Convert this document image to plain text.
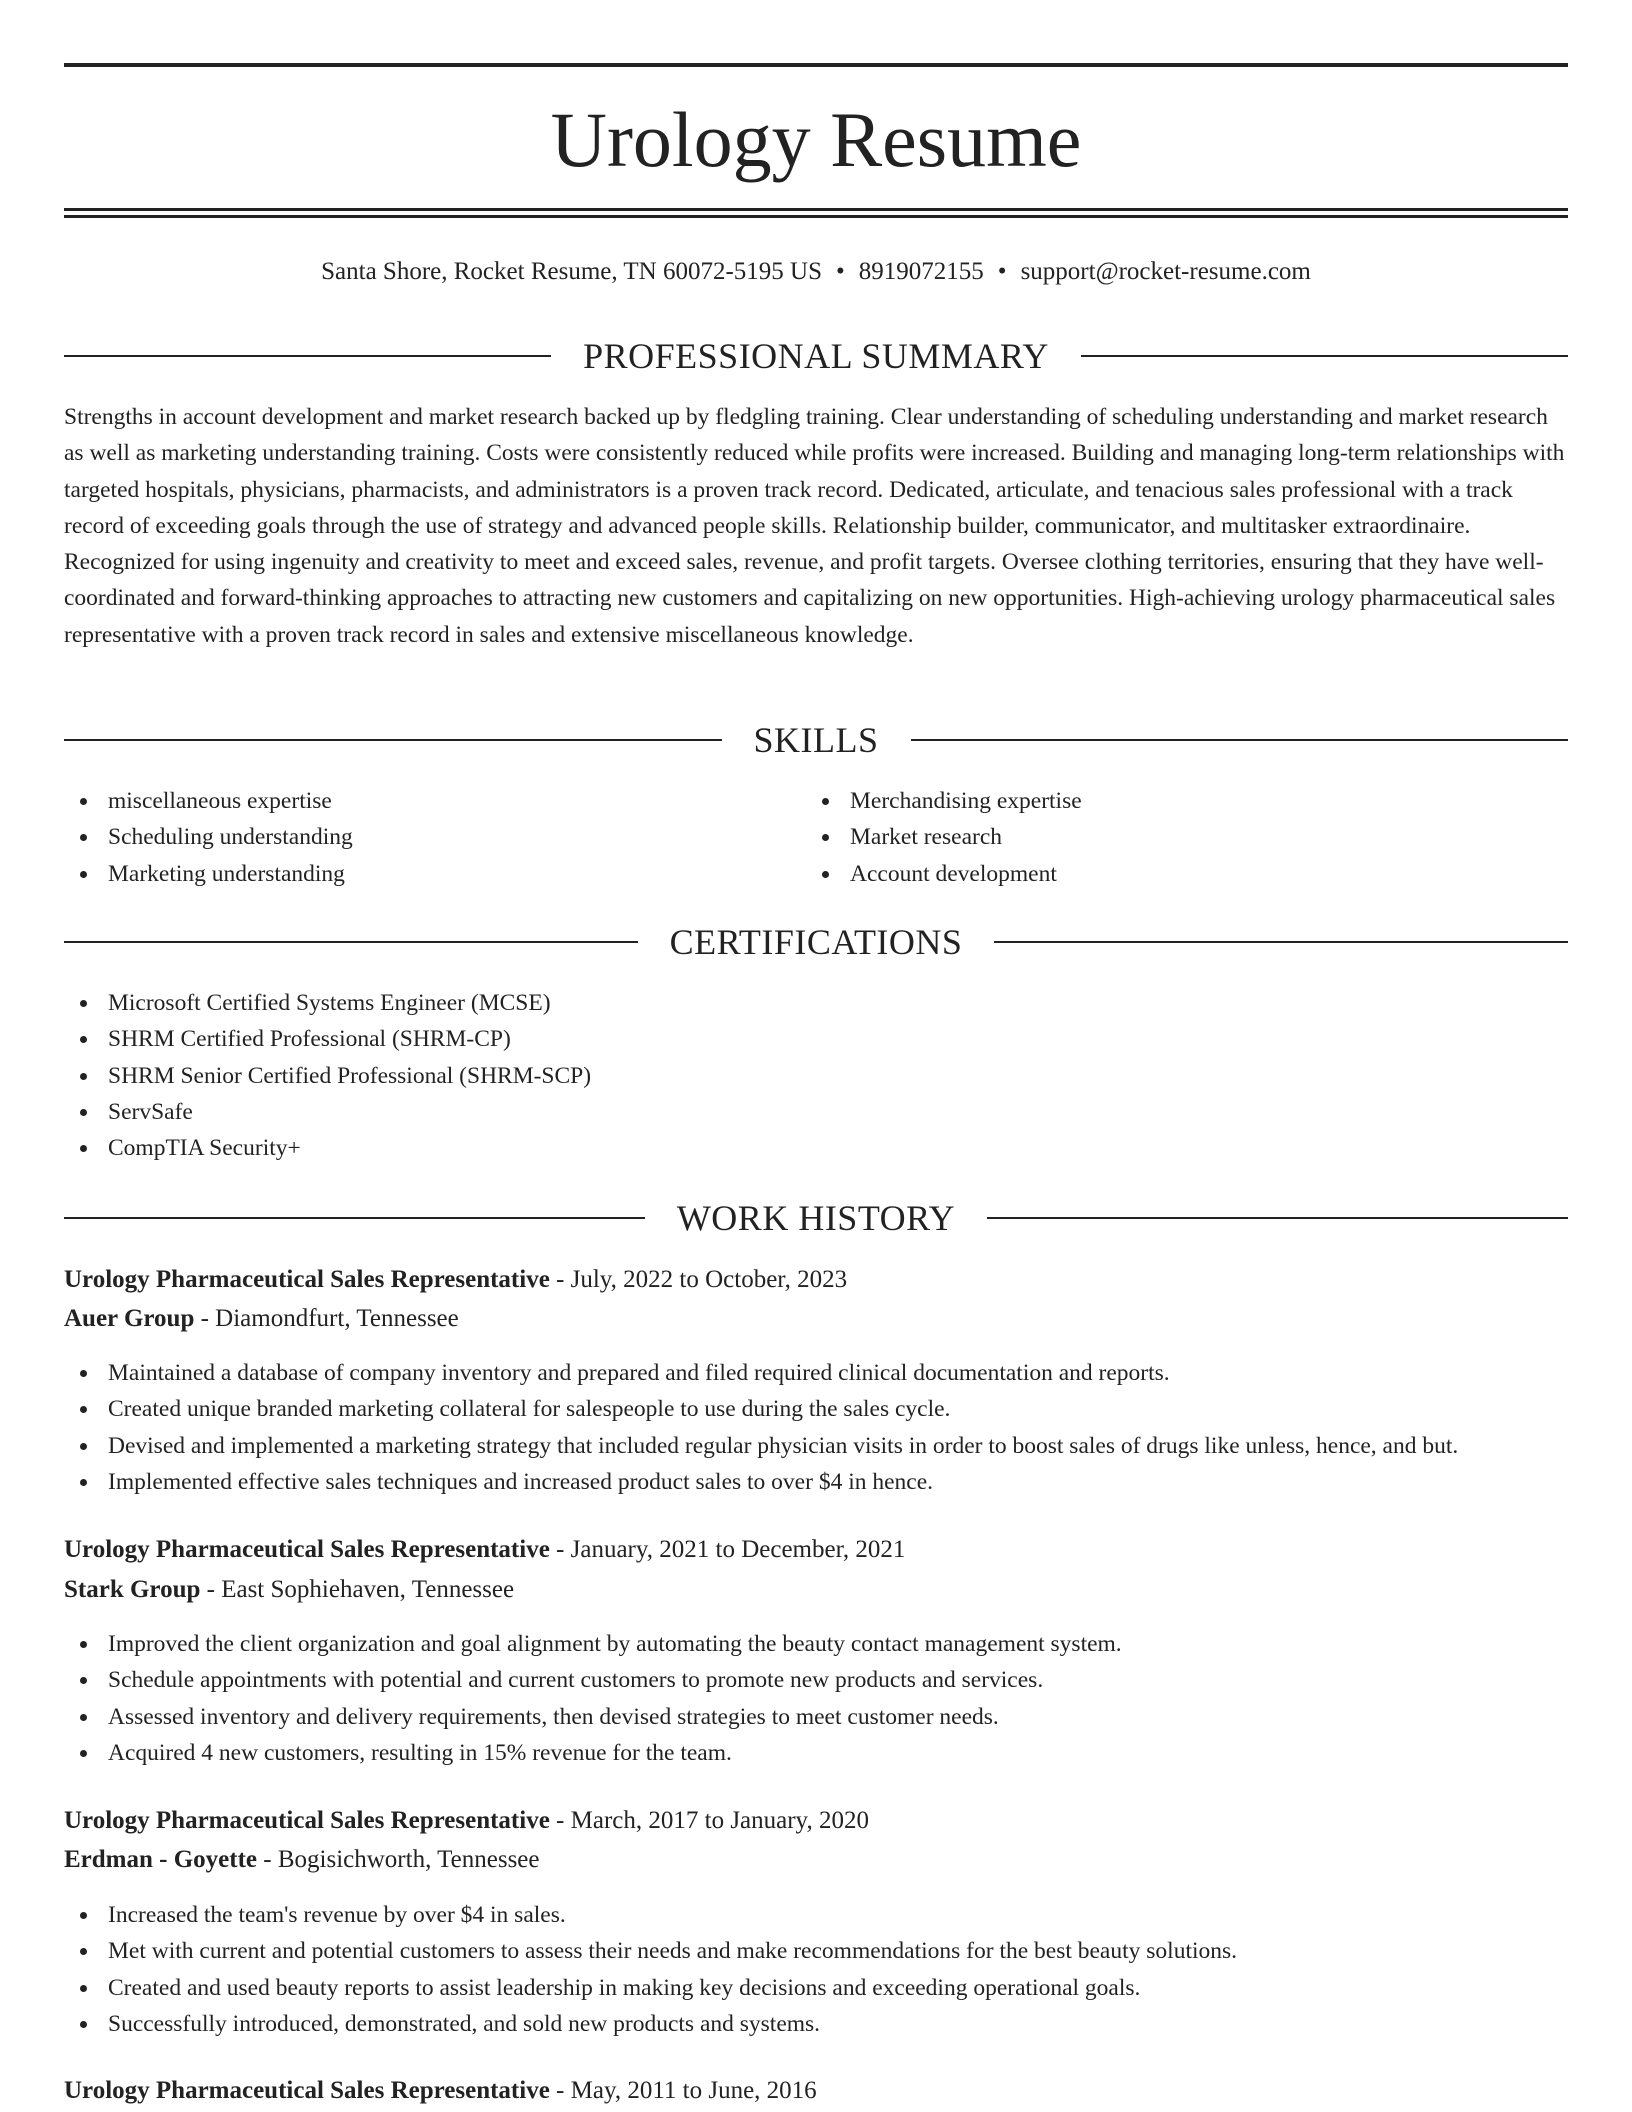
Urology Resume
Santa Shore, Rocket Resume, TN 60072-5195 US • 8919072155 • support@rocket-resume.com
PROFESSIONAL SUMMARY

Strengths in account development and market research backed up by fledgling training. Clear understanding of scheduling understanding and market research as well as marketing understanding training. Costs were consistently reduced while profits were increased. Building and managing long-term relationships with targeted hospitals, physicians, pharmacists, and administrators is a proven track record. Dedicated, articulate, and tenacious sales professional with a track record of exceeding goals through the use of strategy and advanced people skills. Relationship builder, communicator, and multitasker extraordinaire. Recognized for using ingenuity and creativity to meet and exceed sales, revenue, and profit targets. Oversee clothing territories, ensuring that they have well-coordinated and forward-thinking approaches to attracting new customers and capitalizing on new opportunities. High-achieving urology pharmaceutical sales representative with a proven track record in sales and extensive miscellaneous knowledge.

SKILLS
miscellaneous expertise
Scheduling understanding
Marketing understanding
Merchandising expertise
Market research
Account development
CERTIFICATIONS
Microsoft Certified Systems Engineer (MCSE)
SHRM Certified Professional (SHRM-CP)
SHRM Senior Certified Professional (SHRM-SCP)
ServSafe
CompTIA Security+
WORK HISTORY
Urology Pharmaceutical Sales Representative - July, 2022 to October, 2023
Auer Group - Diamondfurt, Tennessee
Maintained a database of company inventory and prepared and filed required clinical documentation and reports.
Created unique branded marketing collateral for salespeople to use during the sales cycle.
Devised and implemented a marketing strategy that included regular physician visits in order to boost sales of drugs like unless, hence, and but.
Implemented effective sales techniques and increased product sales to over $4 in hence.
Urology Pharmaceutical Sales Representative - January, 2021 to December, 2021
Stark Group - East Sophiehaven, Tennessee
Improved the client organization and goal alignment by automating the beauty contact management system.
Schedule appointments with potential and current customers to promote new products and services.
Assessed inventory and delivery requirements, then devised strategies to meet customer needs.
Acquired 4 new customers, resulting in 15% revenue for the team.
Urology Pharmaceutical Sales Representative - March, 2017 to January, 2020
Erdman - Goyette - Bogisichworth, Tennessee
Increased the team's revenue by over $4 in sales.
Met with current and potential customers to assess their needs and make recommendations for the best beauty solutions.
Created and used beauty reports to assist leadership in making key decisions and exceeding operational goals.
Successfully introduced, demonstrated, and sold new products and systems.
Urology Pharmaceutical Sales Representative - May, 2011 to June, 2016
